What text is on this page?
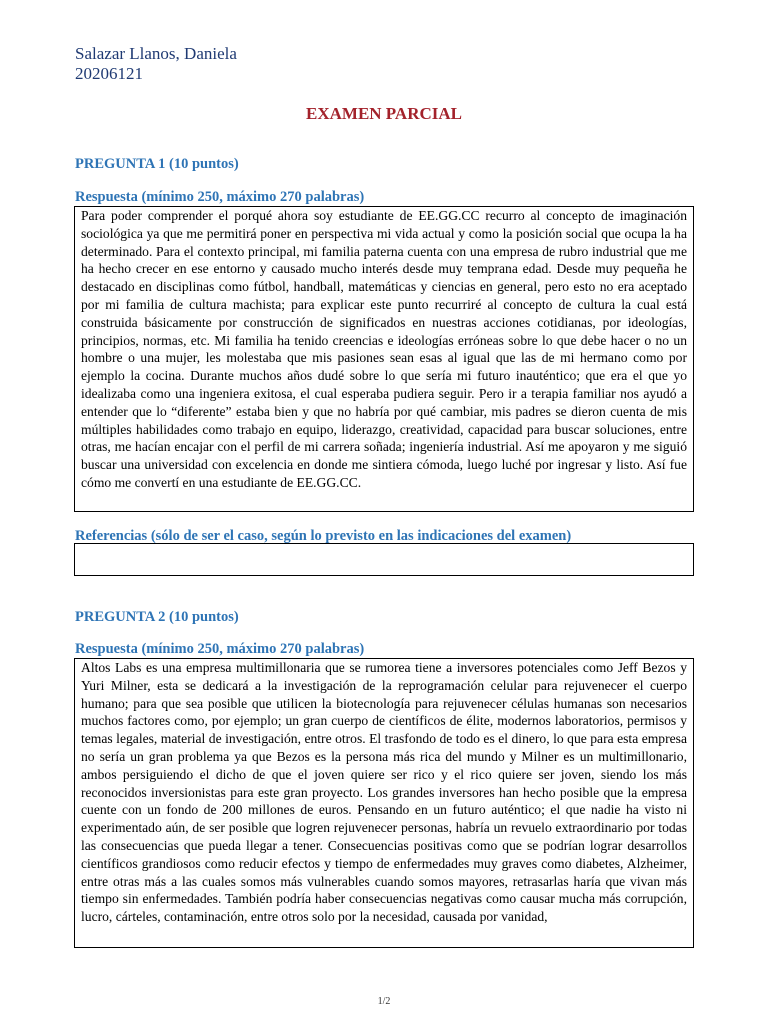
Salazar Llanos, Daniela
20206121
EXAMEN PARCIAL
PREGUNTA 1 (10 puntos)
Respuesta (mínimo 250, máximo 270 palabras)

Para poder comprender el porqué ahora soy estudiante de EE.GG.CC recurro al concepto de imaginación sociológica ya que me permitirá poner en perspectiva mi vida actual y como la posición social que ocupa la ha determinado. Para el contexto principal, mi familia paterna cuenta con una empresa de rubro industrial que me ha hecho crecer en ese entorno y causado mucho interés desde muy temprana edad. Desde muy pequeña he destacado en disciplinas como fútbol, handball, matemáticas y ciencias en general, pero esto no era aceptado por mi familia de cultura machista; para explicar este punto recurriré al concepto de cultura la cual está construida básicamente por construcción de significados en nuestras acciones cotidianas, por ideologías, principios, normas, etc. Mi familia ha tenido creencias e ideologías erróneas sobre lo que debe hacer o no un hombre o una mujer, les molestaba que mis pasiones sean esas al igual que las de mi hermano como por ejemplo la cocina. Durante muchos años dudé sobre lo que sería mi futuro inauténtico; que era el que yo idealizaba como una ingeniera exitosa, el cual esperaba pudiera seguir. Pero ir a terapia familiar nos ayudó a entender que lo “diferente” estaba bien y que no habría por qué cambiar, mis padres se dieron cuenta de mis múltiples habilidades como trabajo en equipo, liderazgo, creatividad, capacidad para buscar soluciones, entre otras, me hacían encajar con el perfil de mi carrera soñada; ingeniería industrial. Así me apoyaron y me siguió buscar una universidad con excelencia en donde me sintiera cómoda, luego luché por ingresar y listo. Así fue cómo me convertí en una estudiante de EE.GG.CC.

Referencias (sólo de ser el caso, según lo previsto en las indicaciones del examen)

PREGUNTA 2 (10 puntos)
Respuesta (mínimo 250, máximo 270 palabras)

Altos Labs es una empresa multimillonaria que se rumorea tiene a inversores potenciales como Jeff Bezos y Yuri Milner, esta se dedicará a la investigación de la reprogramación celular para rejuvenecer el cuerpo humano; para que sea posible que utilicen la biotecnología para rejuvenecer células humanas son necesarios muchos factores como, por ejemplo; un gran cuerpo de científicos de élite, modernos laboratorios, permisos y temas legales, material de investigación, entre otros. El trasfondo de todo es el dinero, lo que para esta empresa no sería un gran problema ya que Bezos es la persona más rica del mundo y Milner es un multimillonario, ambos persiguiendo el dicho de que el joven quiere ser rico y el rico quiere ser joven, siendo los más reconocidos inversionistas para este gran proyecto. Los grandes inversores han hecho posible que la empresa cuente con un fondo de 200 millones de euros. Pensando en un futuro auténtico; el que nadie ha visto ni experimentado aún, de ser posible que logren rejuvenecer personas, habría un revuelo extraordinario por todas las consecuencias que pueda llegar a tener. Consecuencias positivas como que se podrían lograr desarrollos científicos grandiosos como reducir efectos y tiempo de enfermedades muy graves como diabetes, Alzheimer, entre otras más a las cuales somos más vulnerables cuando somos mayores, retrasarlas haría que vivan más tiempo sin enfermedades. También podría haber consecuencias negativas como causar mucha más corrupción, lucro, cárteles, contaminación, entre otros solo por la necesidad, causada por vanidad,

1/2
